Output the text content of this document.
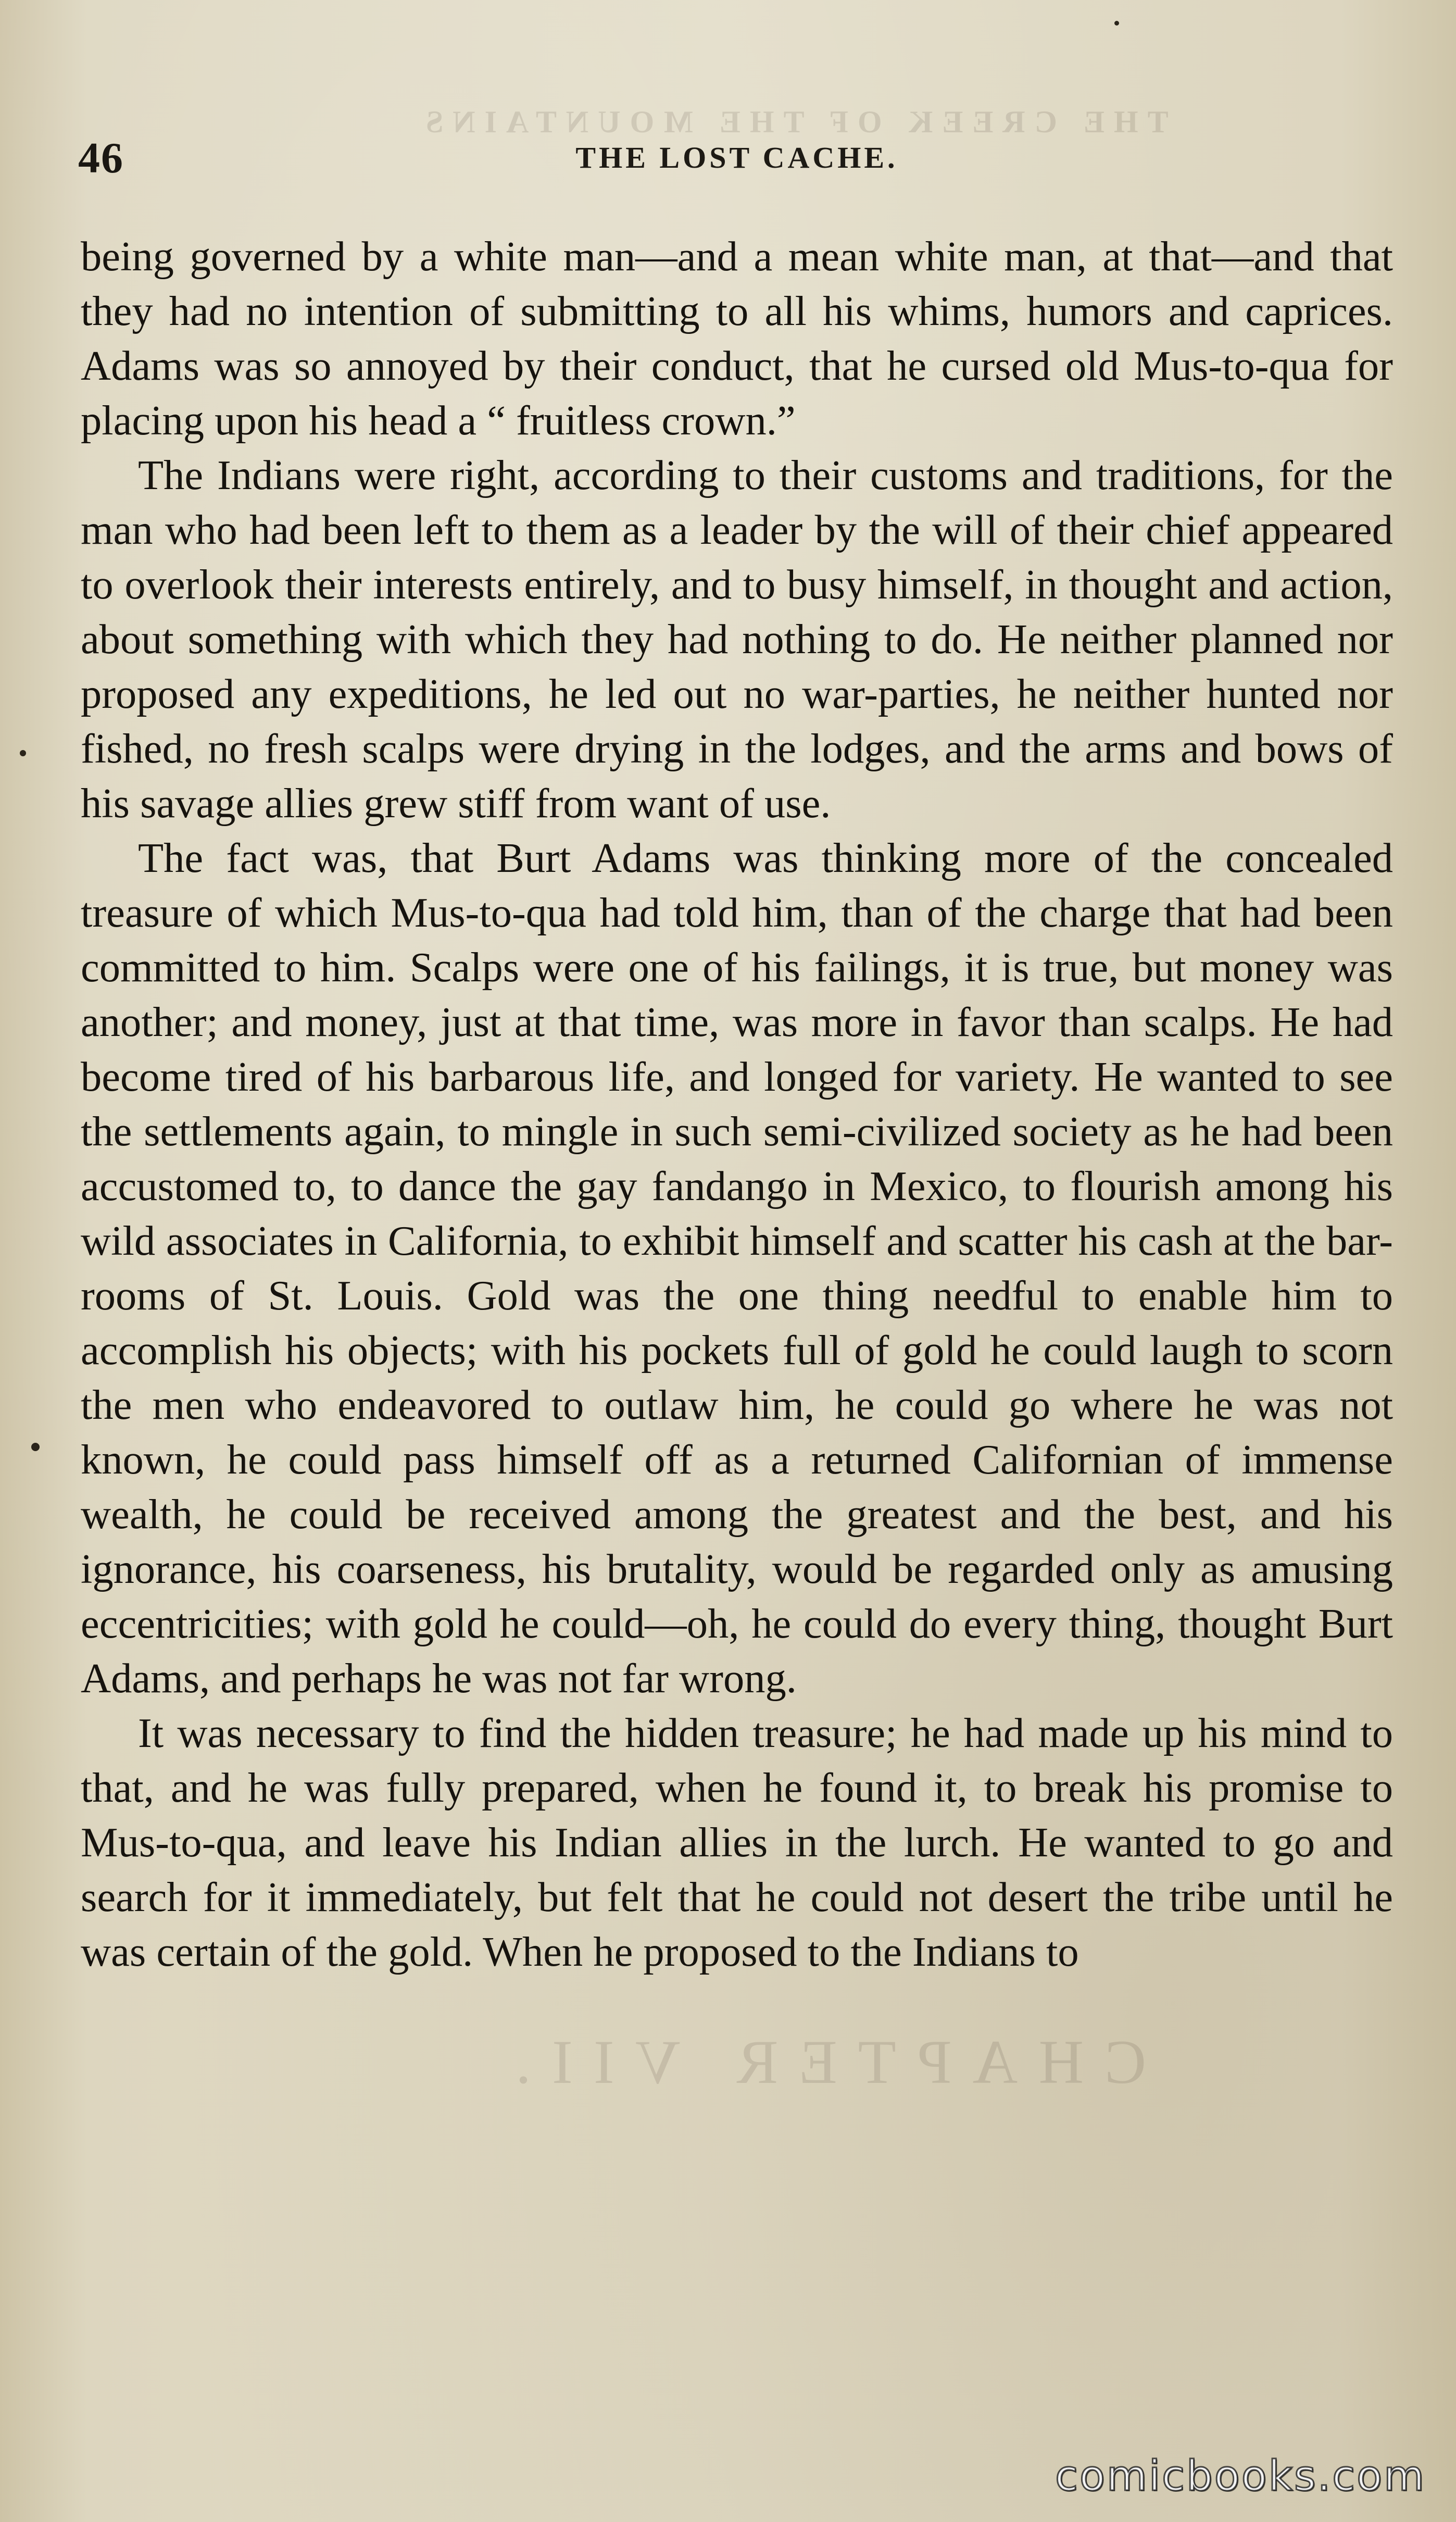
THE CREEK OF THE MOUNTAINS
CHAPTER VII.
46	THE LOST CACHE.

being governed by a white man—and a mean white man, at that—and that they had no intention of submitting to all his whims, humors and caprices. Adams was so annoyed by their conduct, that he cursed old Mus-to-qua for placing upon his head a “ fruitless crown.”

The Indians were right, according to their customs and traditions, for the man who had been left to them as a leader by the will of their chief appeared to overlook their interests entirely, and to busy himself, in thought and action, about something with which they had nothing to do. He neither planned nor proposed any expeditions, he led out no war-parties, he neither hunted nor fished, no fresh scalps were drying in the lodges, and the arms and bows of his savage allies grew stiff from want of use.

The fact was, that Burt Adams was thinking more of the concealed treasure of which Mus-to-qua had told him, than of the charge that had been committed to him. Scalps were one of his failings, it is true, but money was another; and money, just at that time, was more in favor than scalps. He had become tired of his barbarous life, and longed for variety. He wanted to see the settlements again, to mingle in such semi-civilized society as he had been accustomed to, to dance the gay fandango in Mexico, to flourish among his wild associates in California, to exhibit himself and scatter his cash at the bar-rooms of St. Louis. Gold was the one thing needful to enable him to accomplish his objects; with his pockets full of gold he could laugh to scorn the men who endeavored to outlaw him, he could go where he was not known, he could pass himself off as a returned Californian of immense wealth, he could be received among the greatest and the best, and his ignorance, his coarseness, his brutality, would be regarded only as amusing eccentricities; with gold he could—oh, he could do every thing, thought Burt Adams, and perhaps he was not far wrong.

It was necessary to find the hidden treasure; he had made up his mind to that, and he was fully prepared, when he found it, to break his promise to Mus-to-qua, and leave his Indian allies in the lurch. He wanted to go and search for it immediately, but felt that he could not desert the tribe until he was certain of the gold. When he proposed to the Indians to

comicbooks.com
